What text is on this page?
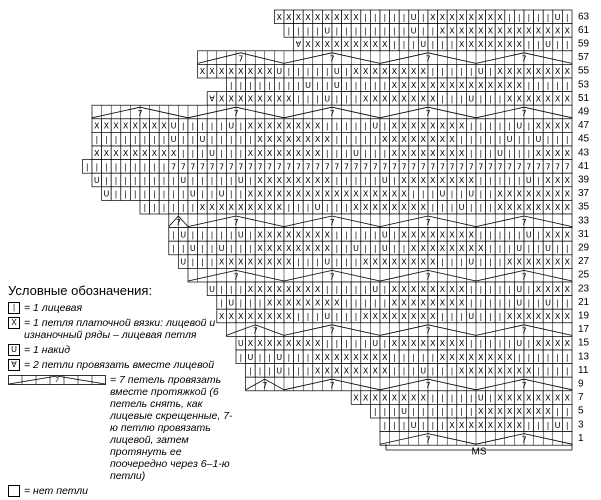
X X X X X X X X X | | | | | U | X X X X X X X X | | | | | U |
| | | | U | | | | | | | | U | | X X X X X X X X X X X X X X
∀ X X X X X X X X X | | | U | | | X X X X X X X | | U | |
7
7
7
7
X X X X X X X X U | | | | | U | X X X X X X X X | | | | | U | X X X X X X X X
| | | | | | | | U | | U | | | | | X X X X X X X X X X X X X X | | | | |
∀ X X X X X X X X | | | U | | | X X X X X X X X | | | U | | | X X X X X X X
7
7
7
7
7
X X X X X X X X U | | | | | U | X X X X X X X X | | | | | U | X X X X X X X X | | | | | U | X X X X
| | | | | | | | U | | U | | | | | X X X X X X X X | | | | | X X X X X X X X | | | | | U | | U | | |
X X X X X X X X X | | | U | | | X X X X X X X X | | | U | | | X X X X X X X X | | | U | | | X X X X
| | | | | | | | | 7 7 7 7 7 7 7 7 7 7 7 7 7 7 7 7 7 7 7 7 7 7 7 7 7 7 7 7 7 7 7 7 7 7 7 7 7 7 7 7 7 7
U | | | | | | | | U | | | | | U | X X X X X X X X | | | | | U | X X X X X X X X | | | | | U | X X X
U | | | | | | | | U | | U | | X X X X X X X X X X X X X X X X X | | | U | | U | | X X X X X X X X
| | | | | | X X X X X X X X X | | | U | | | X X X X X X X X | | | U | | | X X X X X X X X
7
7
7
7
7
| U | | | | | U | X X X X X X X X | | | | | U | X X X X X X X X | | | | | U | X X X
| | U | | U | | | X X X X X X X X | | U | | U | | X X X X X X X X | | | U | | U | |
U | | | X X X X X X X X | | | U | | | X X X X X X X X | | | U | | | X X X X X X X
7
7
7
7
U | | | X X X X X X X X | | | | | U | X X X X X X X X | | | | | U | X X X X
| U | | | X X X X X X X X | | | | | X X X X X X X X | | | | | U | | U | |
X X X X X X X X | | | U | | | X X X X X X X X | | | U | | | X X X X X X X
7
7
7
7
U X X X X X X X X | | | | | U | X X X X X X X X | | | | | U | X X X X
| U | | U | | | X X X X X X X X | | | | | X X X X X X X X | | | | | |
| | | U | | | X X X X X X X X | | | U | | | X X X X X X X X | | | |
7
7
7
7
X X X X X X X X | | | | | U | X X X X X X X X
| | | U | | | | | | | X X X X X X X X | |
| | | U | | | X X X X X X X X | | | U |
7
7
63
61
59
57
55
53
51
49
47
45
43
41
39
37
35
33
31
29
27
25
23
21
19
17
15
13
11
9
7
5
3
1
MS
Условные обозначения:
| = 1 лицевая
X = 1 петля платочной вязки: лицевой и изнаночный ряды – лицевая петля
U = 1 накид
∀ = 2 петли провязать вместе лицевой
7	= 7 петель провязать вместе протяжкой (6 петель снять, как лицевые скрещенные, 7-ю петлю провязать лицевой, затем протянуть ее поочередно через 6–1-ю петли)
= нет петли
